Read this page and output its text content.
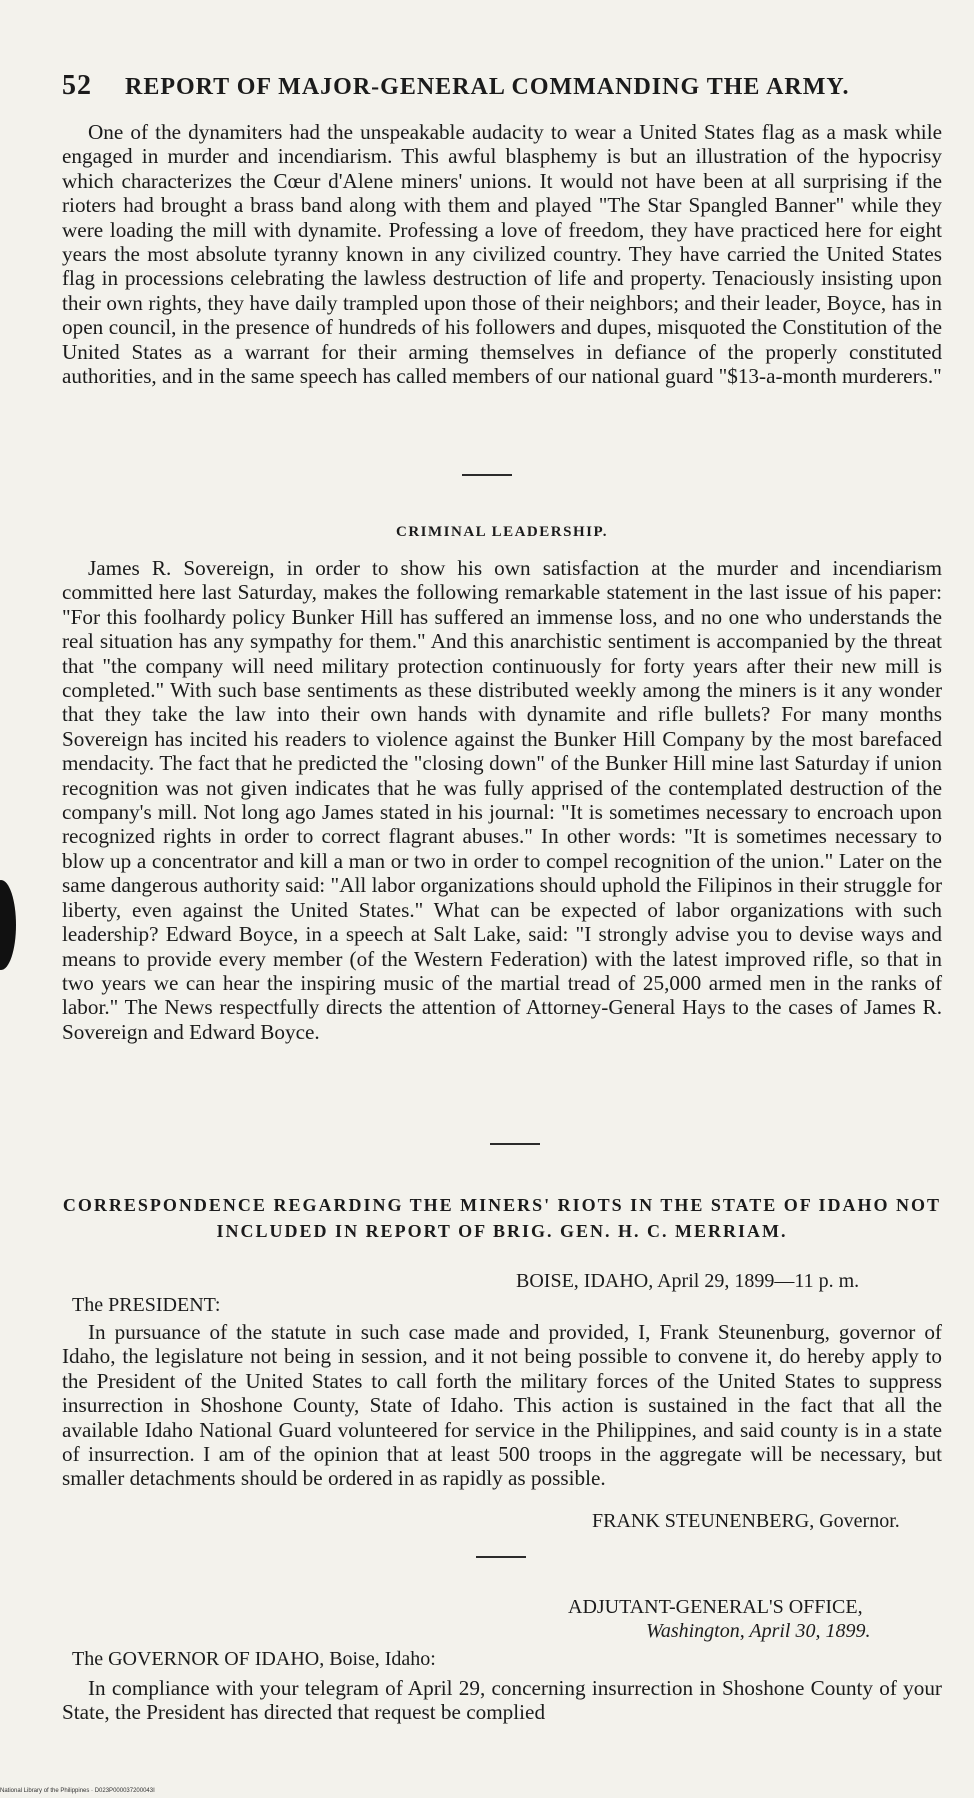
52 REPORT OF MAJOR-GENERAL COMMANDING THE ARMY.

One of the dynamiters had the unspeakable audacity to wear a United States flag as a mask while engaged in murder and incendiarism. This awful blasphemy is but an illustration of the hypocrisy which characterizes the Cœur d'Alene miners' unions. It would not have been at all surprising if the rioters had brought a brass band along with them and played "The Star Spangled Banner" while they were loading the mill with dynamite. Professing a love of freedom, they have practiced here for eight years the most absolute tyranny known in any civilized country. They have carried the United States flag in processions celebrating the lawless destruction of life and property. Tenaciously insisting upon their own rights, they have daily trampled upon those of their neighbors; and their leader, Boyce, has in open council, in the presence of hundreds of his followers and dupes, misquoted the Constitution of the United States as a warrant for their arming themselves in defiance of the properly constituted authorities, and in the same speech has called members of our national guard "$13-a-month murderers."

CRIMINAL LEADERSHIP.

James R. Sovereign, in order to show his own satisfaction at the murder and incendiarism committed here last Saturday, makes the following remarkable statement in the last issue of his paper: "For this foolhardy policy Bunker Hill has suffered an immense loss, and no one who understands the real situation has any sympathy for them." And this anarchistic sentiment is accompanied by the threat that "the company will need military protection continuously for forty years after their new mill is completed." With such base sentiments as these distributed weekly among the miners is it any wonder that they take the law into their own hands with dynamite and rifle bullets? For many months Sovereign has incited his readers to violence against the Bunker Hill Company by the most barefaced mendacity. The fact that he predicted the "closing down" of the Bunker Hill mine last Saturday if union recognition was not given indicates that he was fully apprised of the contemplated destruction of the company's mill. Not long ago James stated in his journal: "It is sometimes necessary to encroach upon recognized rights in order to correct flagrant abuses." In other words: "It is sometimes necessary to blow up a concentrator and kill a man or two in order to compel recognition of the union." Later on the same dangerous authority said: "All labor organizations should uphold the Filipinos in their struggle for liberty, even against the United States." What can be expected of labor organizations with such leadership? Edward Boyce, in a speech at Salt Lake, said: "I strongly advise you to devise ways and means to provide every member (of the Western Federation) with the latest improved rifle, so that in two years we can hear the inspiring music of the martial tread of 25,000 armed men in the ranks of labor." The News respectfully directs the attention of Attorney-General Hays to the cases of James R. Sovereign and Edward Boyce.

CORRESPONDENCE REGARDING THE MINERS' RIOTS IN THE STATE OF IDAHO NOT INCLUDED IN REPORT OF BRIG. GEN. H. C. MERRIAM.
BOISE, IDAHO, April 29, 1899—11 p. m.
The PRESIDENT:

In pursuance of the statute in such case made and provided, I, Frank Steunenburg, governor of Idaho, the legislature not being in session, and it not being possible to convene it, do hereby apply to the President of the United States to call forth the military forces of the United States to suppress insurrection in Shoshone County, State of Idaho. This action is sustained in the fact that all the available Idaho National Guard volunteered for service in the Philippines, and said county is in a state of insurrection. I am of the opinion that at least 500 troops in the aggregate will be necessary, but smaller detachments should be ordered in as rapidly as possible.

FRANK STEUNENBERG, Governor.
ADJUTANT-GENERAL'S OFFICE,
Washington, April 30, 1899.
The GOVERNOR OF IDAHO, Boise, Idaho:

In compliance with your telegram of April 29, concerning insurrection in Shoshone County of your State, the President has directed that request be complied

National Library of the Philippines · D023P000037200043I
